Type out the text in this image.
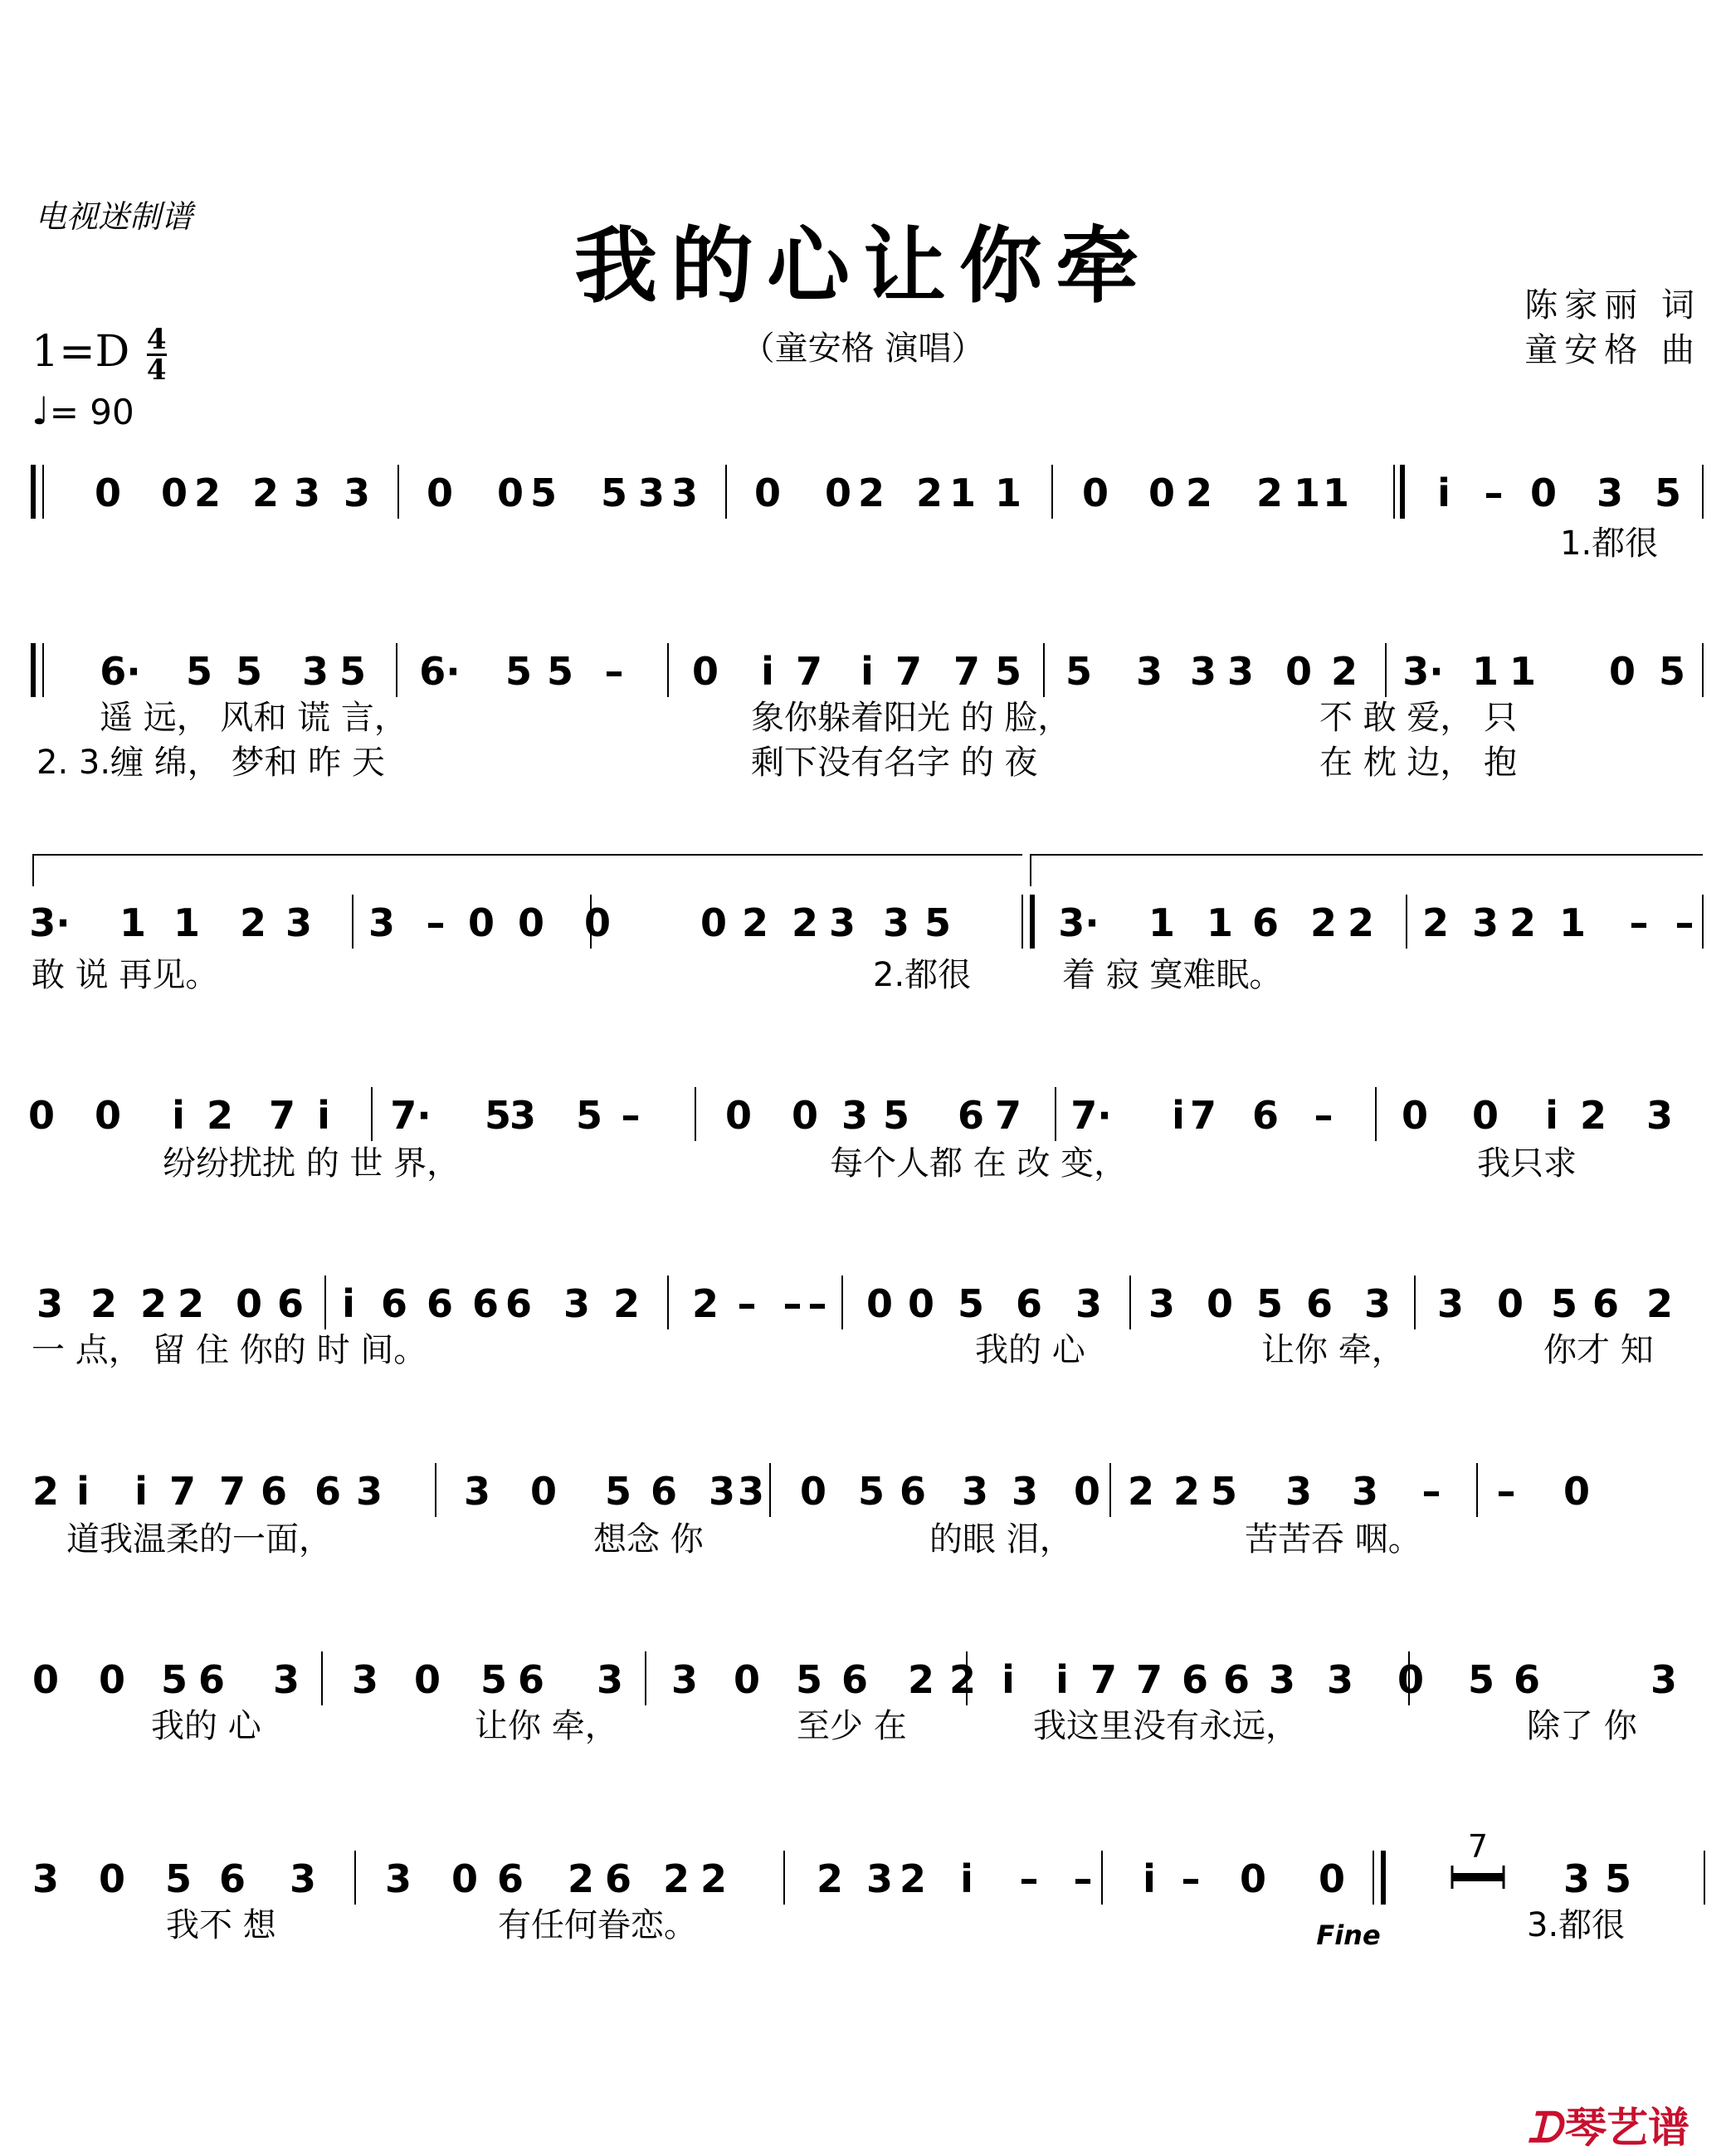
电视迷制谱	我的心让你牵
（童安格 演唱）
陈家丽 词
童安格 曲
$1=D \frac{4}{4}$
♩= 90
0 0 2 2 3 3 0 0 5 5 3 3 0 0 2 2 1 1 0 0 2 2 1 1 i – 0 3 5
6· 5 5 3 5 6· 5 5 – 0 i 7 i 7 7 5 5 3 3 3 0 2 3· 1 1 0 5
3· 1 1 2 3 3 – 0 0 0 0 2 2 3 3 5	3· 1 1 6 2 2 2 3 2 1 – –
0 0 i 2 7 i 7· 5
3 5 – 0 0 3 5 6 7 7· i 7 6 – 0 0 i 2 3
3 2 2 2 0 6 i 6 6 6 6 3 2 2 – – – 0 0 5 6 3 3 0 5 6 3 3 0 5 6 2
2 i i 7 7 6 6 3 3 0 5 6 3 3 0 5 6 3 3 0 2 2 5 3 3 – – 0
0 0 5 6 3 3 0 5 6 3 3 0 5 6 2 2 i i 7 7 6 6 3 3 0 5 6	3
3 0 5 6 3 3 0 6 2 6 2 2 2 3 2 i – – i – 0 0	3 5
1.都很
遥 远， 风和 谎 言，	象你躲着阳光 的 脸，	不 敢 爱， 只
2. 3.缠 绵， 梦和 昨 天	剩下没有名字 的 夜	在 枕 边， 抱
敢 说 再见。	2.都很	着 寂 寞难眠。
纷纷扰扰 的 世 界，	每个人都 在 改 变，	我只求
一 点， 留 住 你的 时 间。	我的 心	让你 牵，	你才 知
道我温柔的一面，	想念 你	的眼 泪，	苦苦吞 咽。
我的 心	让你 牵，	至少 在	我这里没有永远，	除了 你
我不 想	有任何眷恋。	3.都很
7
Fine
ᗪ琴艺谱
